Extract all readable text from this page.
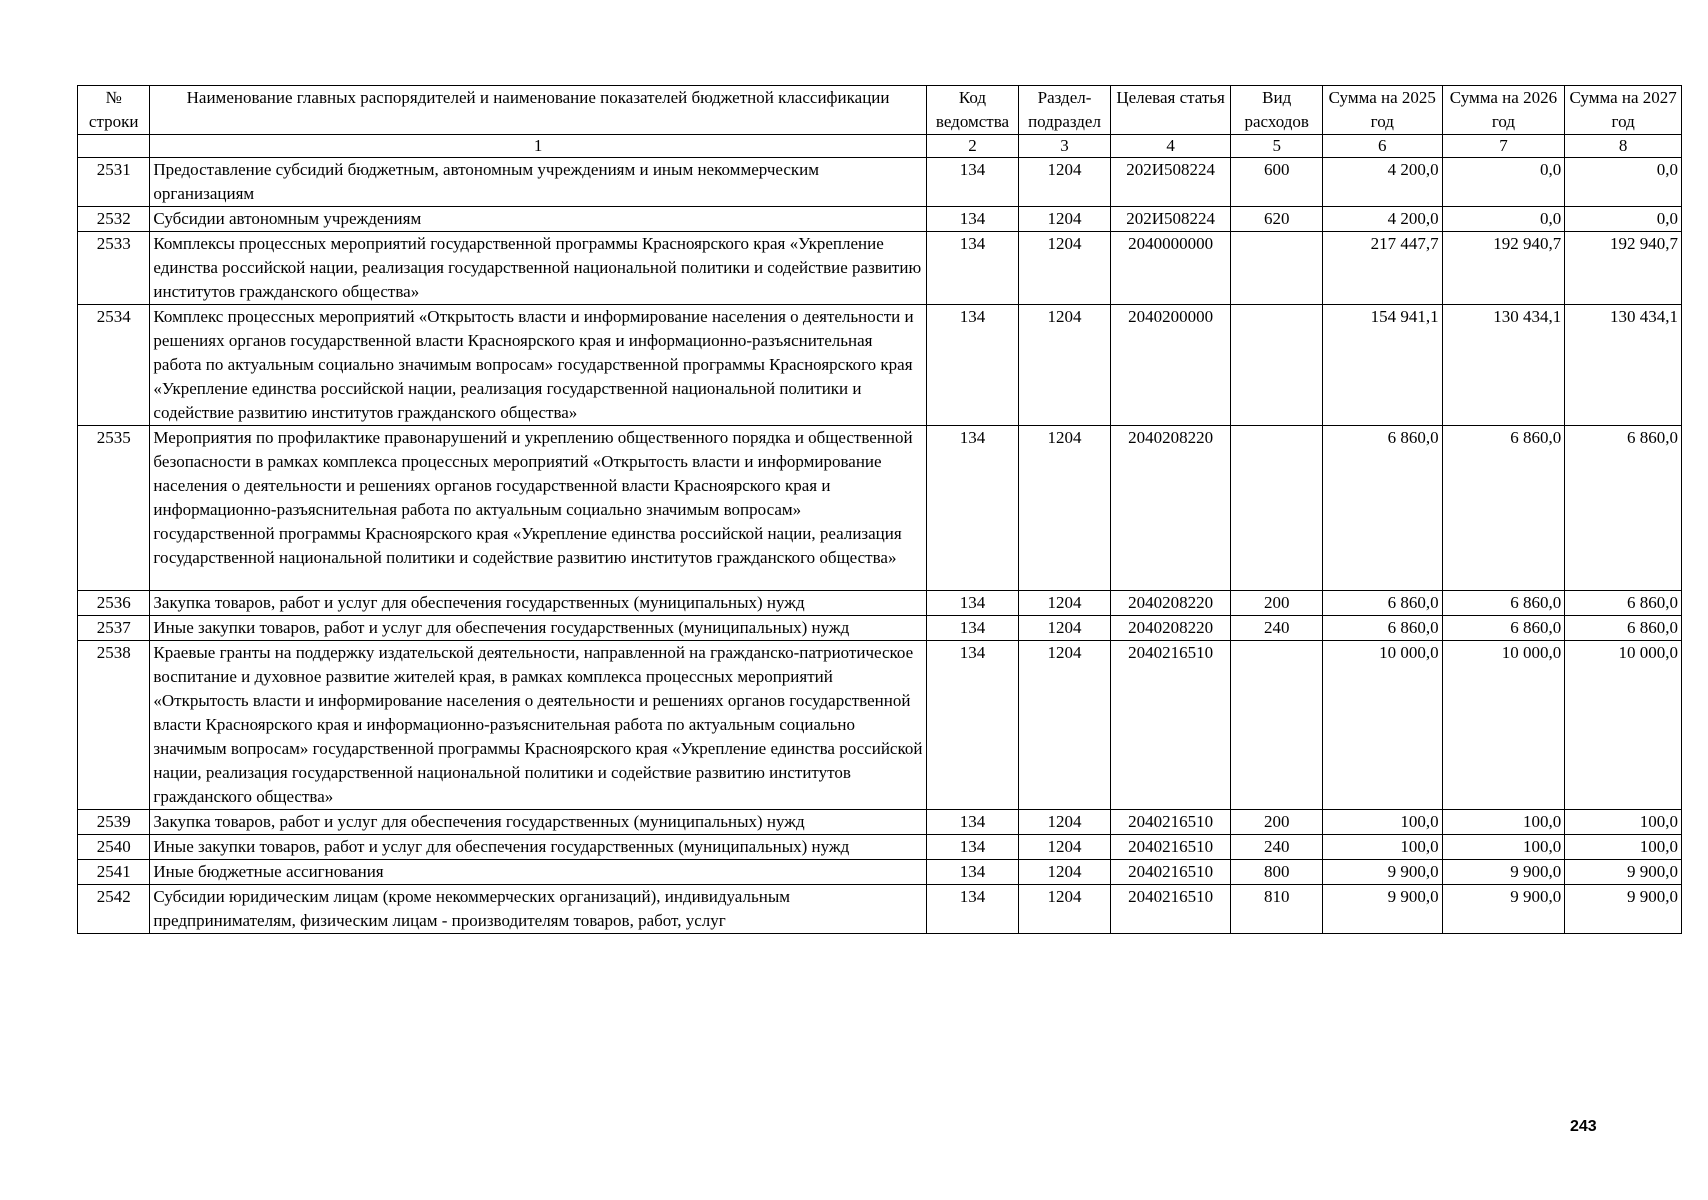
№ строки	Наименование главных распорядителей и наименование показателей бюджетной классификации	Код ведомства	Раздел-подраздел	Целевая статья	Вид расходов	Сумма на 2025 год	Сумма на 2026 год	Сумма на 2027 год
	1	2	3	4	5	6	7	8
2531	Предоставление субсидий бюджетным, автономным учреждениям и иным некоммерческим организациям	134	1204	202И508224	600	4 200,0	0,0	0,0
2532	Субсидии автономным учреждениям	134	1204	202И508224	620	4 200,0	0,0	0,0
2533	Комплексы процессных мероприятий государственной программы Красноярского края «Укрепление единства российской нации, реализация государственной национальной политики и содействие развитию институтов гражданского общества»	134	1204	2040000000		217 447,7	192 940,7	192 940,7
2534	Комплекс процессных мероприятий «Открытость власти и информирование населения о деятельности и решениях органов государственной власти Красноярского края и информационно-разъяснительная работа по актуальным социально значимым вопросам» государственной программы Красноярского края «Укрепление единства российской нации, реализация государственной национальной политики и содействие развитию институтов гражданского общества»	134	1204	2040200000		154 941,1	130 434,1	130 434,1
2535	Мероприятия по профилактике правонарушений и укреплению общественного порядка и общественной безопасности в рамках комплекса процессных мероприятий «Открытость власти и информирование населения о деятельности и решениях органов государственной власти Красноярского края и информационно-разъяснительная работа по актуальным социально значимым вопросам» государственной программы Красноярского края «Укрепление единства российской нации, реализация государственной национальной политики и содействие развитию институтов гражданского общества»	134	1204	2040208220		6 860,0	6 860,0	6 860,0
2536	Закупка товаров, работ и услуг для обеспечения государственных (муниципальных) нужд	134	1204	2040208220	200	6 860,0	6 860,0	6 860,0
2537	Иные закупки товаров, работ и услуг для обеспечения государственных (муниципальных) нужд	134	1204	2040208220	240	6 860,0	6 860,0	6 860,0
2538	Краевые гранты на поддержку издательской деятельности, направленной на гражданско-патриотическое воспитание и духовное развитие жителей края, в рамках комплекса процессных мероприятий «Открытость власти и информирование населения о деятельности и решениях органов государственной власти Красноярского края и информационно-разъяснительная работа по актуальным социально значимым вопросам» государственной программы Красноярского края «Укрепление единства российской нации, реализация государственной национальной политики и содействие развитию институтов гражданского общества»	134	1204	2040216510		10 000,0	10 000,0	10 000,0
2539	Закупка товаров, работ и услуг для обеспечения государственных (муниципальных) нужд	134	1204	2040216510	200	100,0	100,0	100,0
2540	Иные закупки товаров, работ и услуг для обеспечения государственных (муниципальных) нужд	134	1204	2040216510	240	100,0	100,0	100,0
2541	Иные бюджетные ассигнования	134	1204	2040216510	800	9 900,0	9 900,0	9 900,0
2542	Субсидии юридическим лицам (кроме некоммерческих организаций), индивидуальным предпринимателям, физическим лицам - производителям товаров, работ, услуг	134	1204	2040216510	810	9 900,0	9 900,0	9 900,0
243
